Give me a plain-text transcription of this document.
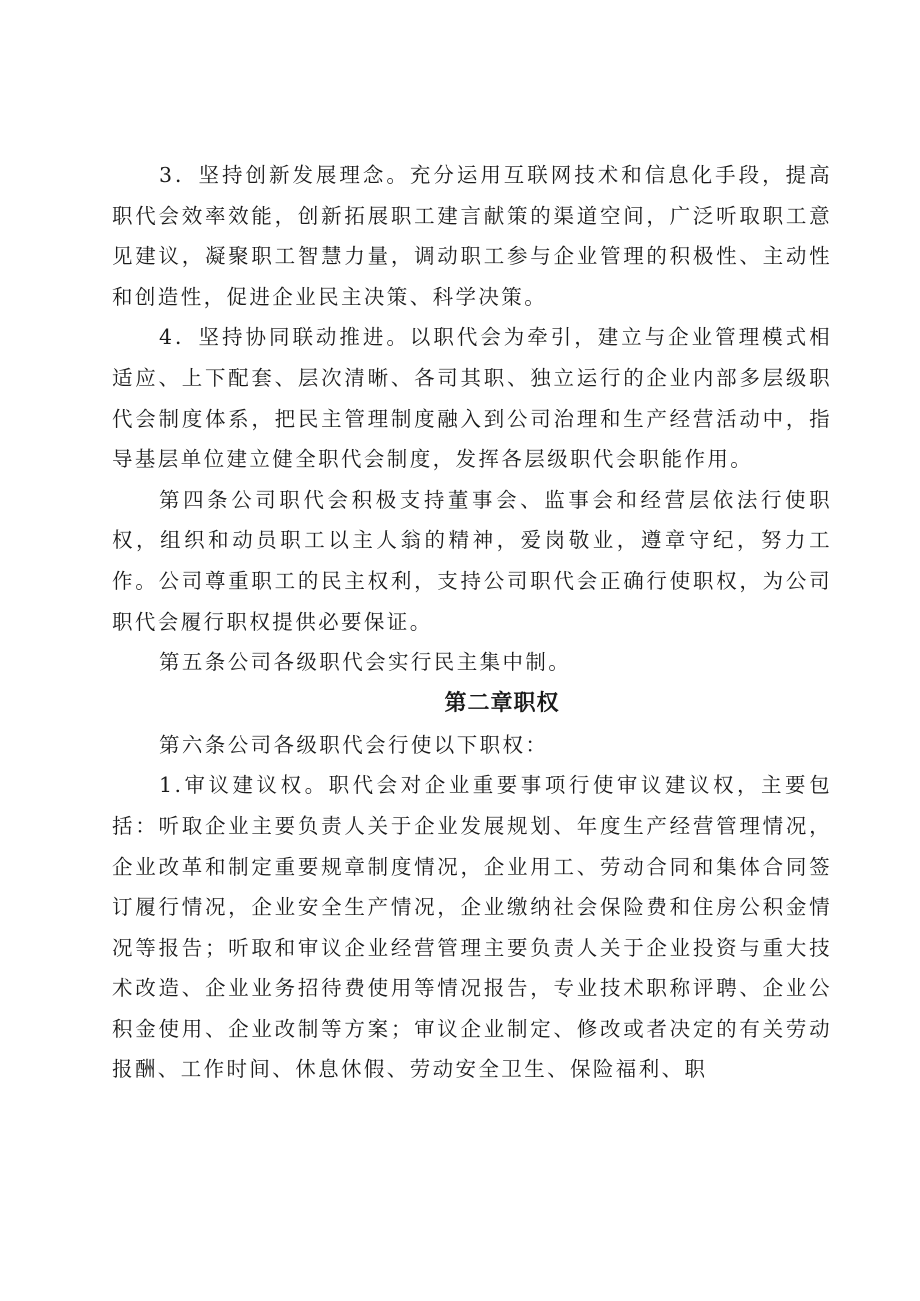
3．坚持创新发展理念。充分运用互联网技术和信息化手段，提高职代会效率效能，创新拓展职工建言献策的渠道空间，广泛听取职工意见建议，凝聚职工智慧力量，调动职工参与企业管理的积极性、主动性和创造性，促进企业民主决策、科学决策。

4．坚持协同联动推进。以职代会为牵引，建立与企业管理模式相适应、上下配套、层次清晰、各司其职、独立运行的企业内部多层级职代会制度体系，把民主管理制度融入到公司治理和生产经营活动中，指导基层单位建立健全职代会制度，发挥各层级职代会职能作用。

第四条公司职代会积极支持董事会、监事会和经营层依法行使职权，组织和动员职工以主人翁的精神，爱岗敬业，遵章守纪，努力工作。公司尊重职工的民主权利，支持公司职代会正确行使职权，为公司职代会履行职权提供必要保证。

第五条公司各级职代会实行民主集中制。

第二章职权

第六条公司各级职代会行使以下职权：

1.审议建议权。职代会对企业重要事项行使审议建议权，主要包括：听取企业主要负责人关于企业发展规划、年度生产经营管理情况，企业改革和制定重要规章制度情况，企业用工、劳动合同和集体合同签订履行情况，企业安全生产情况，企业缴纳社会保险费和住房公积金情况等报告；听取和审议企业经营管理主要负责人关于企业投资与重大技术改造、企业业务招待费使用等情况报告，专业技术职称评聘、企业公积金使用、企业改制等方案；审议企业制定、修改或者决定的有关劳动报酬、工作时间、休息休假、劳动安全卫生、保险福利、职
